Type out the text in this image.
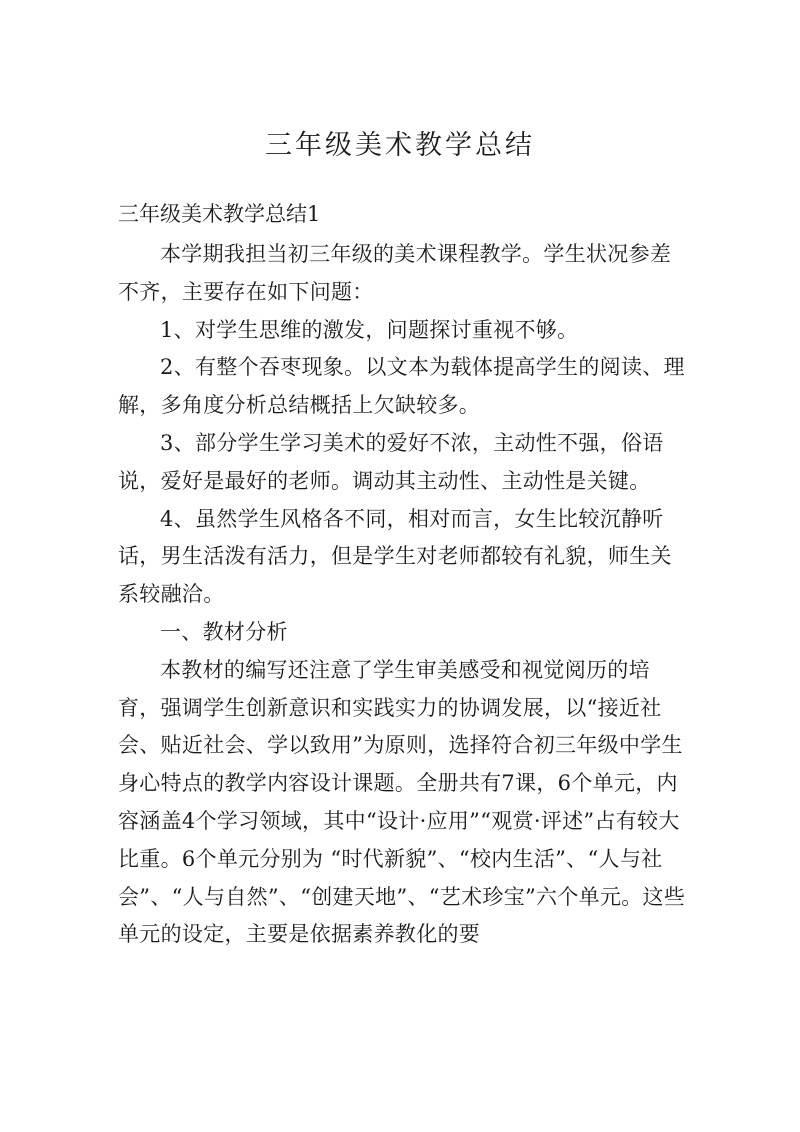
三年级美术教学总结
三年级美术教学总结1

本学期我担当初三年级的美术课程教学。学生状况参差不齐，主要存在如下问题：

1、对学生思维的激发，问题探讨重视不够。

2、有整个吞枣现象。以文本为载体提高学生的阅读、理解，多角度分析总结概括上欠缺较多。

3、部分学生学习美术的爱好不浓，主动性不强，俗语说，爱好是最好的老师。调动其主动性、主动性是关键。

4、虽然学生风格各不同，相对而言，女生比较沉静听话，男生活泼有活力，但是学生对老师都较有礼貌，师生关系较融洽。

一、教材分析

本教材的编写还注意了学生审美感受和视觉阅历的培育，强调学生创新意识和实践实力的协调发展，以“接近社会、贴近社会、学以致用”为原则，选择符合初三年级中学生身心特点的教学内容设计课题。全册共有7课，6个单元，内容涵盖4个学习领域，其中“设计·应用”“观赏·评述”占有较大比重。6个单元分别为 “时代新貌”、“校内生活”、“人与社会”、“人与自然”、“创建天地”、“艺术珍宝”六个单元。这些单元的设定，主要是依据素养教化的要
